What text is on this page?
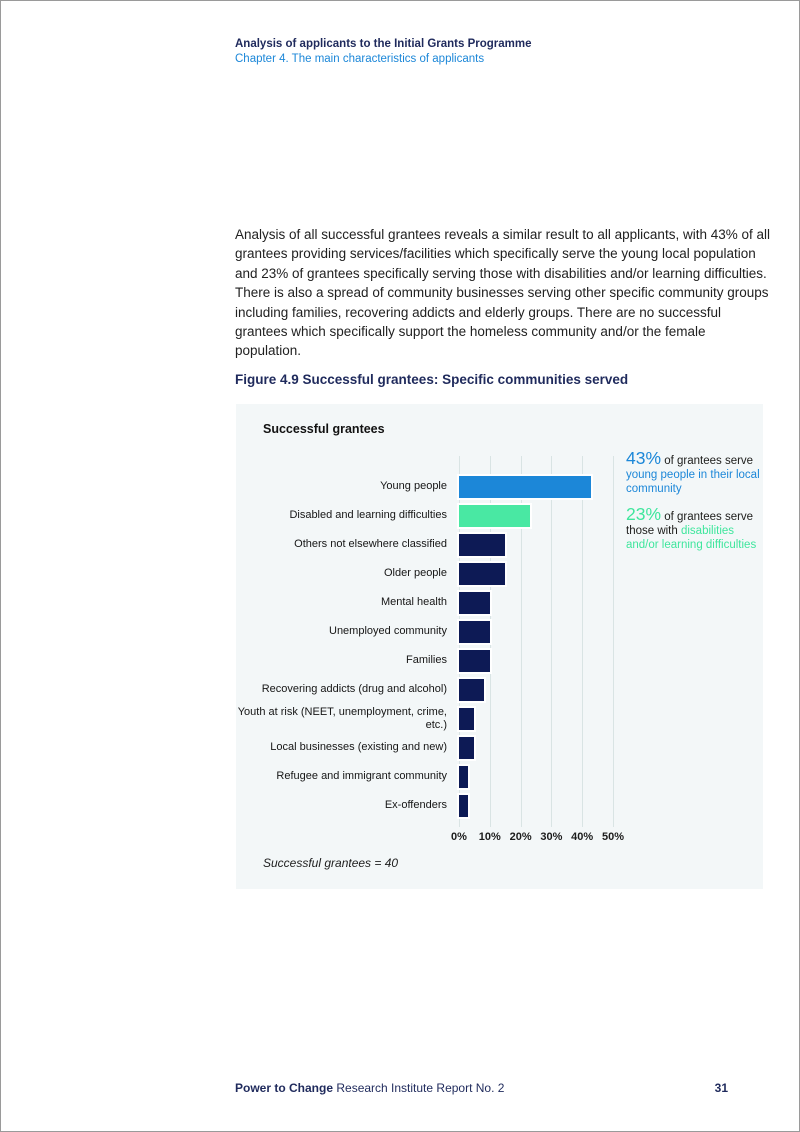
Analysis of applicants to the Initial Grants Programme
Chapter 4. The main characteristics of applicants
Analysis of all successful grantees reveals a similar result to all applicants, with 43% of all grantees providing services/facilities which specifically serve the young local population and 23% of grantees specifically serving those with disabilities and/or learning difficulties. There is also a spread of community businesses serving other specific community groups including families, recovering addicts and elderly groups. There are no successful grantees which specifically support the homeless community and/or the female population.
Figure 4.9 Successful grantees: Specific communities served
Successful grantees
Young people
Disabled and learning difficulties
Others not elsewhere classified
Older people
Mental health
Unemployed community
Families
Recovering addicts (drug and alcohol)
Youth at risk (NEET, unemployment, crime, etc.)
Local businesses (existing and new)
Refugee and immigrant community
Ex-offenders
0%	10% 20% 30% 40% 50%
43% of grantees serve young people in their local community
23% of grantees serve those with disabilities and/or learning difficulties
Successful grantees = 40
Power to Change Research Institute Report No. 2	31
